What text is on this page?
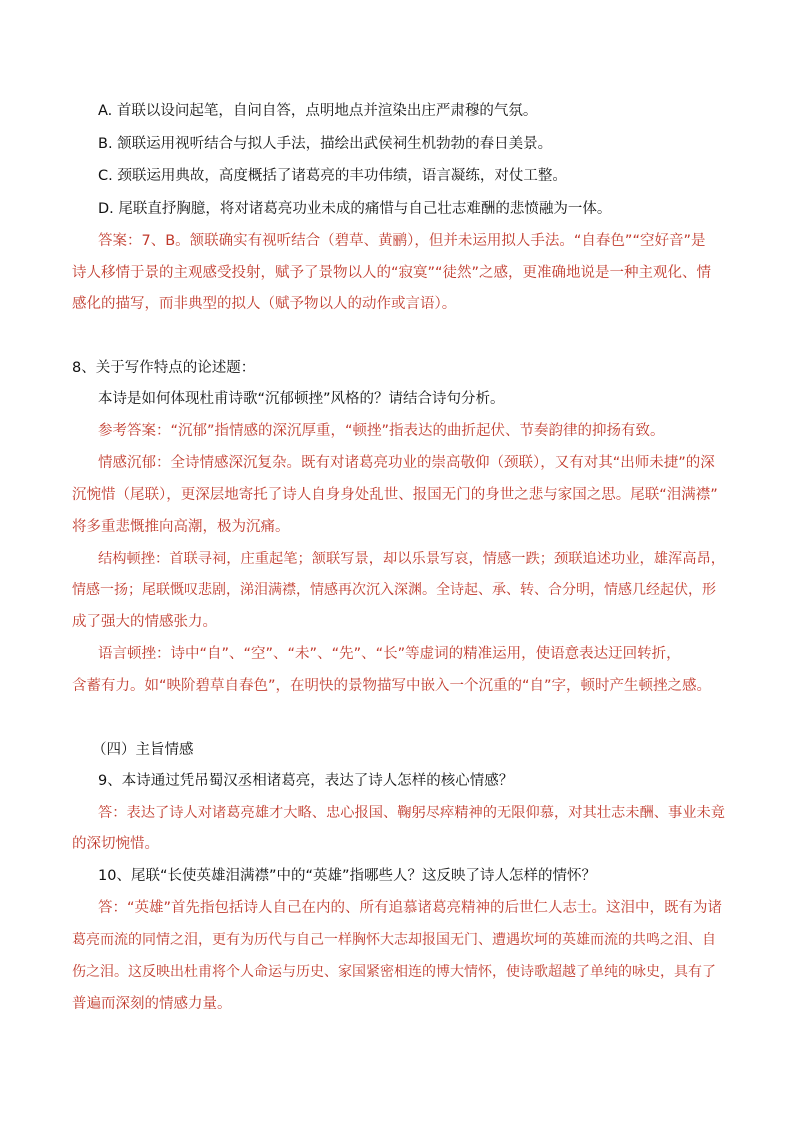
A. 首联以设问起笔，自问自答，点明地点并渲染出庄严肃穆的气氛。
B. 颔联运用视听结合与拟人手法，描绘出武侯祠生机勃勃的春日美景。
C. 颈联运用典故，高度概括了诸葛亮的丰功伟绩，语言凝练，对仗工整。
D. 尾联直抒胸臆，将对诸葛亮功业未成的痛惜与自己壮志难酬的悲愤融为一体。
答案：7、B。颔联确实有视听结合（碧草、黄鹂），但并未运用拟人手法。“自春色”“空好音”是
诗人移情于景的主观感受投射，赋予了景物以人的“寂寞”“徒然”之感，更准确地说是一种主观化、情
感化的描写，而非典型的拟人（赋予物以人的动作或言语）。
8、关于写作特点的论述题：
本诗是如何体现杜甫诗歌“沉郁顿挫”风格的？请结合诗句分析。
参考答案：“沉郁”指情感的深沉厚重，“顿挫”指表达的曲折起伏、节奏韵律的抑扬有致。
情感沉郁：全诗情感深沉复杂。既有对诸葛亮功业的崇高敬仰（颈联），又有对其“出师未捷”的深
沉惋惜（尾联），更深层地寄托了诗人自身身处乱世、报国无门的身世之悲与家国之思。尾联“泪满襟”
将多重悲慨推向高潮，极为沉痛。
结构顿挫：首联寻祠，庄重起笔；颔联写景，却以乐景写哀，情感一跌；颈联追述功业，雄浑高昂，
情感一扬；尾联慨叹悲剧，涕泪满襟，情感再次沉入深渊。全诗起、承、转、合分明，情感几经起伏，形
成了强大的情感张力。
语言顿挫：诗中“自”、“空”、“未”、“先”、“长”等虚词的精准运用，使语意表达迂回转折，
含蓄有力。如“映阶碧草自春色”，在明快的景物描写中嵌入一个沉重的“自”字，顿时产生顿挫之感。
（四）主旨情感
9、本诗通过凭吊蜀汉丞相诸葛亮，表达了诗人怎样的核心情感？
答：表达了诗人对诸葛亮雄才大略、忠心报国、鞠躬尽瘁精神的无限仰慕，对其壮志未酬、事业未竟
的深切惋惜。
10、尾联“长使英雄泪满襟”中的“英雄”指哪些人？这反映了诗人怎样的情怀？
答：“英雄”首先指包括诗人自己在内的、所有追慕诸葛亮精神的后世仁人志士。这泪中，既有为诸
葛亮而流的同情之泪，更有为历代与自己一样胸怀大志却报国无门、遭遇坎坷的英雄而流的共鸣之泪、自
伤之泪。这反映出杜甫将个人命运与历史、家国紧密相连的博大情怀，使诗歌超越了单纯的咏史，具有了
普遍而深刻的情感力量。
